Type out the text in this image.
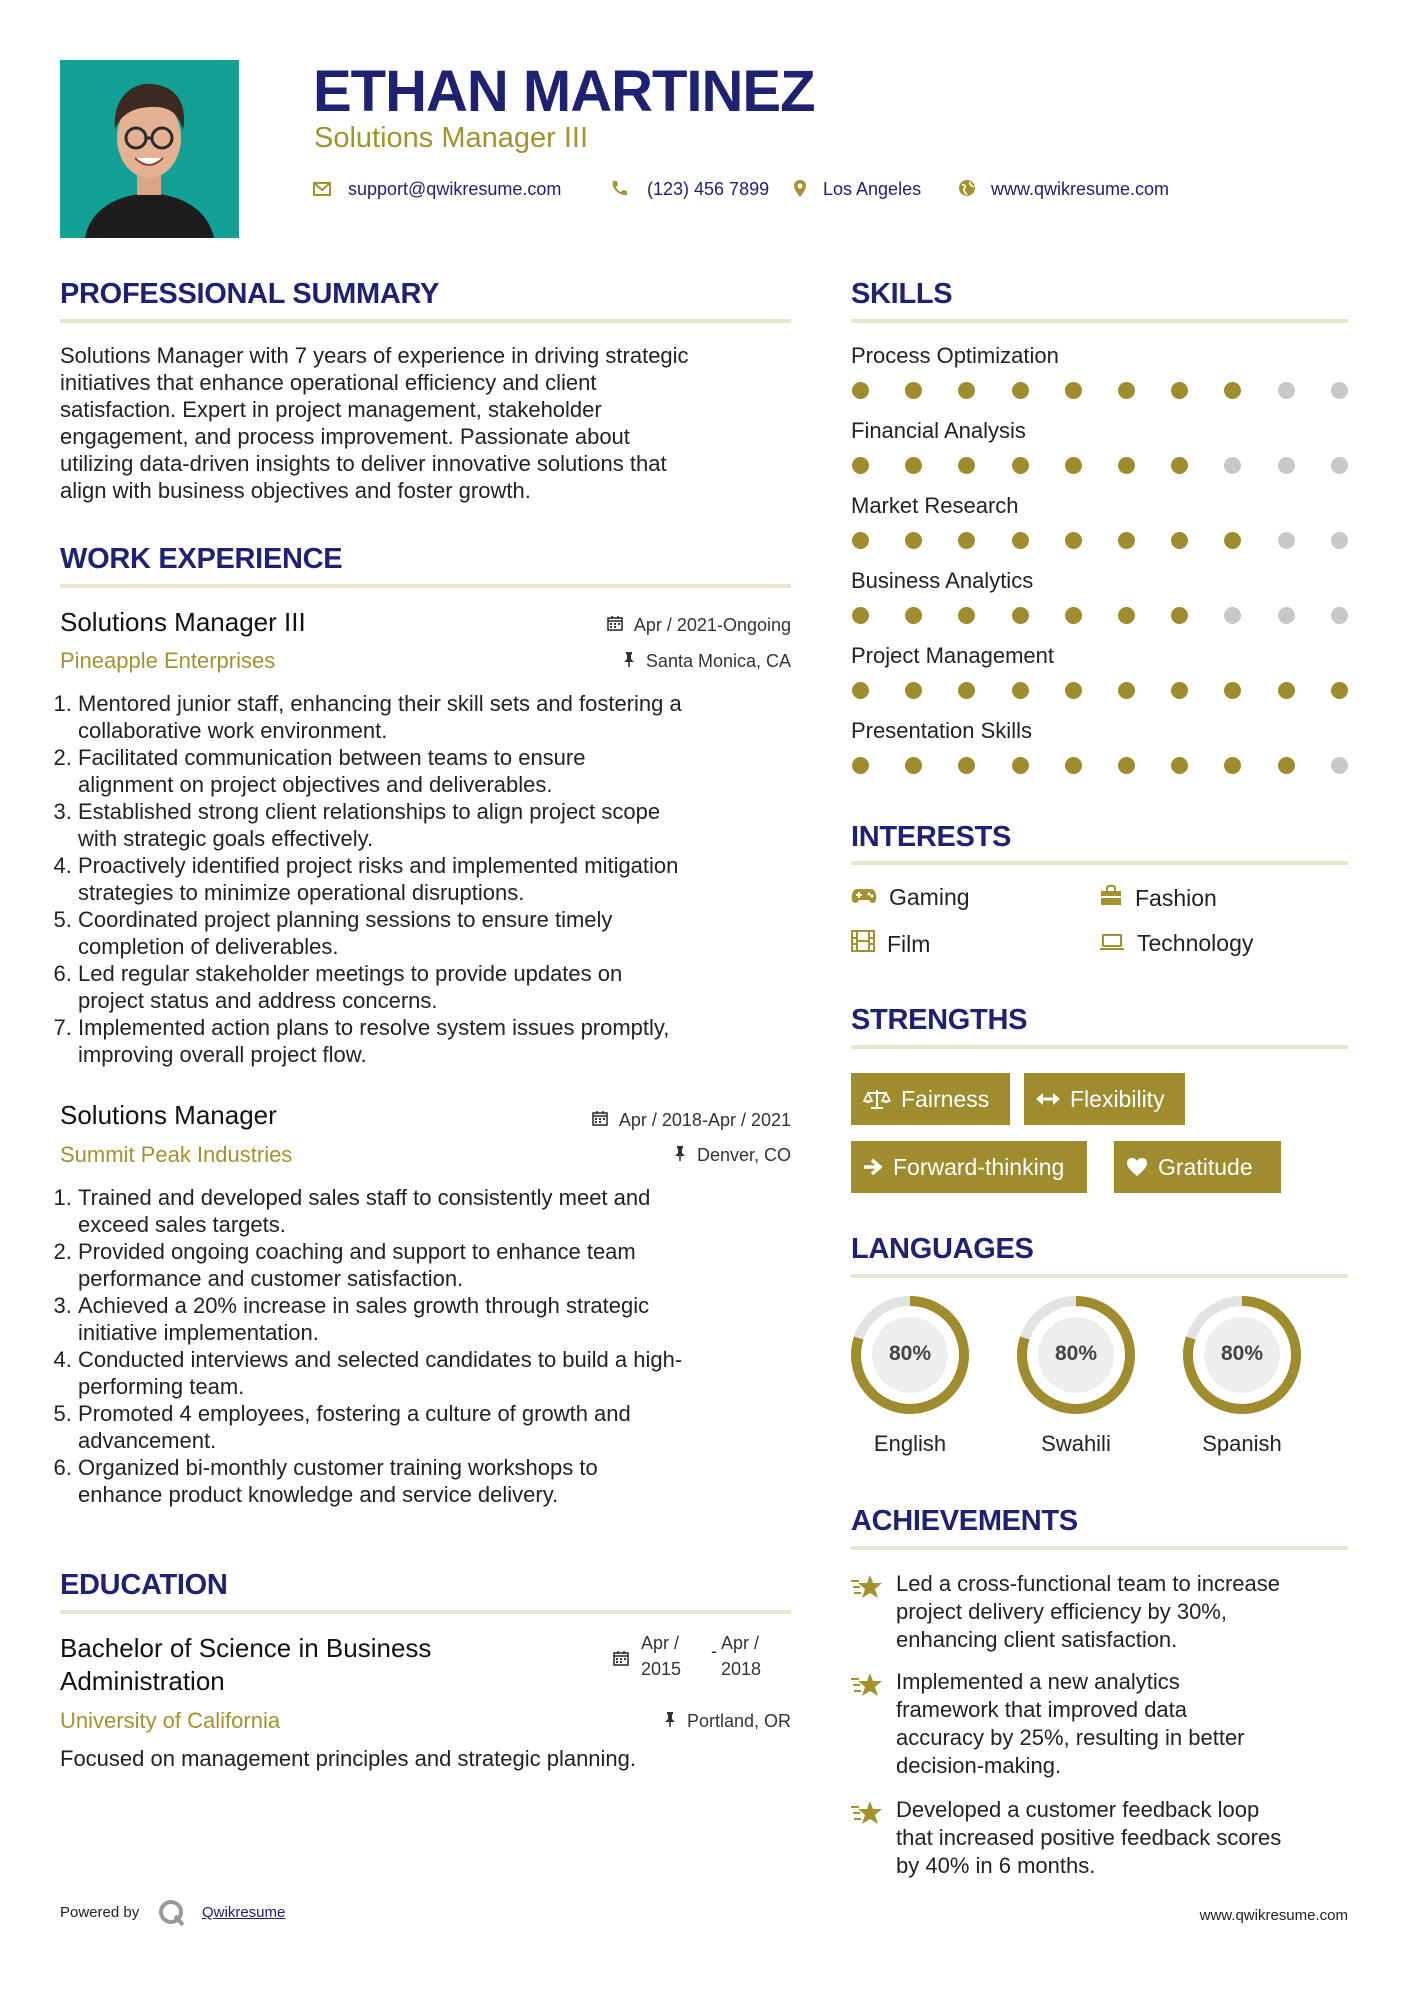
ETHAN MARTINEZ
Solutions Manager III
support@qwikresume.com	(123) 456 7899	Los Angeles	www.qwikresume.com
PROFESSIONAL SUMMARY
Solutions Manager with 7 years of experience in driving strategic
initiatives that enhance operational efficiency and client
satisfaction. Expert in project management, stakeholder
engagement, and process improvement. Passionate about
utilizing data-driven insights to deliver innovative solutions that
align with business objectives and foster growth.
WORK EXPERIENCE
Solutions Manager III	Apr / 2021-Ongoing
Pineapple Enterprises	Santa Monica, CA
1. Mentored junior staff, enhancing their skill sets and fostering a
collaborative work environment.
2. Facilitated communication between teams to ensure
alignment on project objectives and deliverables.
3. Established strong client relationships to align project scope
with strategic goals effectively.
4. Proactively identified project risks and implemented mitigation
strategies to minimize operational disruptions.
5. Coordinated project planning sessions to ensure timely
completion of deliverables.
6. Led regular stakeholder meetings to provide updates on
project status and address concerns.
7. Implemented action plans to resolve system issues promptly,
improving overall project flow.
Solutions Manager	Apr / 2018-Apr / 2021
Summit Peak Industries	Denver, CO
1. Trained and developed sales staff to consistently meet and
exceed sales targets.
2. Provided ongoing coaching and support to enhance team
performance and customer satisfaction.
3. Achieved a 20% increase in sales growth through strategic
initiative implementation.
4. Conducted interviews and selected candidates to build a high-
performing team.
5. Promoted 4 employees, fostering a culture of growth and
advancement.
6. Organized bi-monthly customer training workshops to
enhance product knowledge and service delivery.
EDUCATION
Bachelor of Science in Business
Administration
Apr /
2015
- Apr /
2018
University of California	Portland, OR
Focused on management principles and strategic planning.
SKILLS
Process Optimization
Financial Analysis
Market Research
Business Analytics
Project Management
Presentation Skills
INTERESTS
Gaming	Fashion
Film	Technology
STRENGTHS
Fairness	Flexibility
Forward-thinking	Gratitude
LANGUAGES
80%
English
80%
Swahili
80%
Spanish
ACHIEVEMENTS
Led a cross-functional team to increase
project delivery efficiency by 30%,
enhancing client satisfaction.
Implemented a new analytics
framework that improved data
accuracy by 25%, resulting in better
decision-making.
Developed a customer feedback loop
that increased positive feedback scores
by 40% in 6 months.
Powered by	Qwikresume	www.qwikresume.com
